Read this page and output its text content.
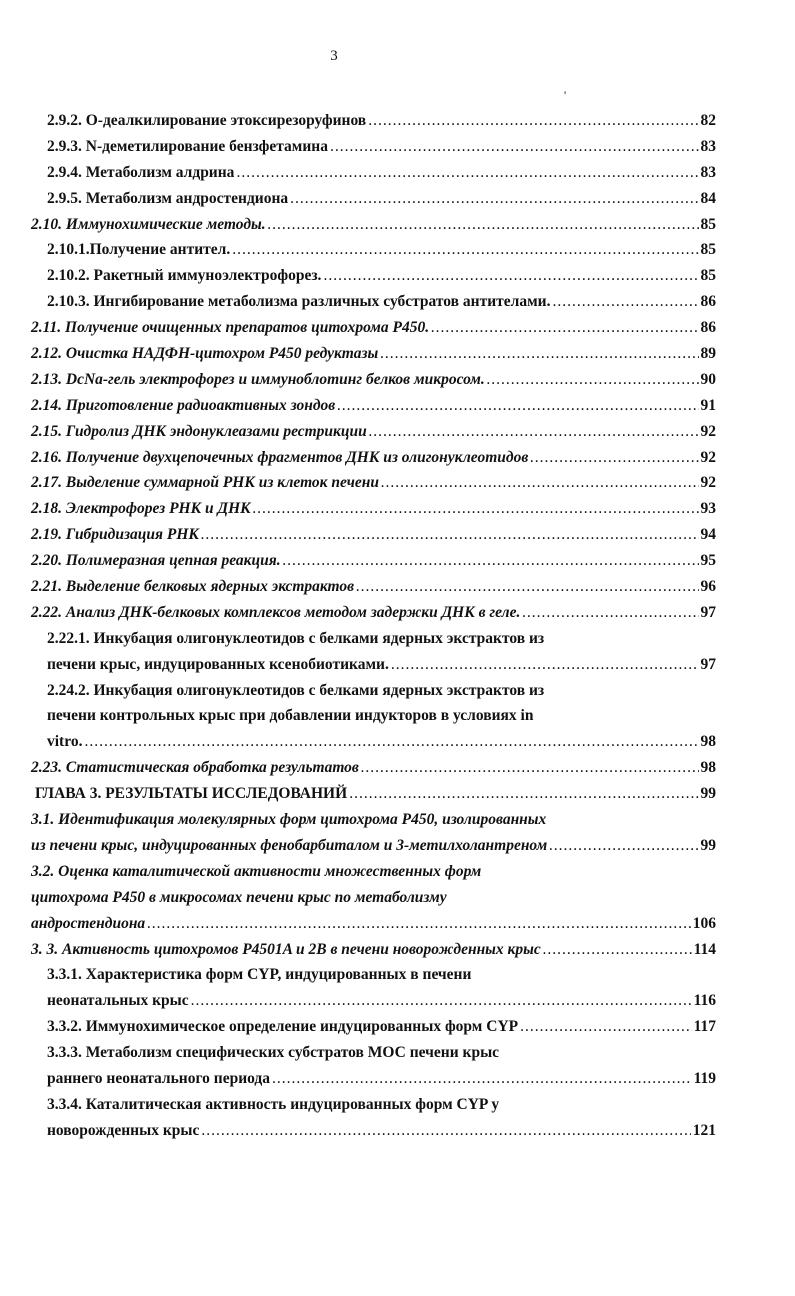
3
'
2.9.2. О-деалкилирование этоксирезоруфинов .....	82
2.9.3. N-деметилирование бензфетамина .....	83
2.9.4. Метаболизм алдрина .....	83
2.9.5. Метаболизм андростендиона .....	84
2.10. Иммунохимические методы. .....	85
2.10.1.Получение антител. .....	85
2.10.2. Ракетный иммуноэлектрофорез. .....	85
2.10.3. Ингибирование метаболизма различных субстратов антителами. .....	86
2.11. Получение очищенных препаратов цитохрома P450. .....	86
2.12. Очистка НАДФН-цитохром P450 редуктазы .....	89
2.13. DcNa-гель электрофорез и иммуноблотинг белков микросом. .....	90
2.14. Приготовление радиоактивных зондов .....	91
2.15. Гидролиз ДНК эндонуклеазами рестрикции .....	92
2.16. Получение двухцепочечных фрагментов ДНК из олигонуклеотидов .....	92
2.17. Выделение суммарной РНК из клеток печени .....	92
2.18. Электрофорез РНК и ДНК .....	93
2.19. Гибридизация РНК .....	94
2.20. Полимеразная цепная реакция. .....	95
2.21. Выделение белковых ядерных экстрактов .....	96
2.22. Анализ ДНК-белковых комплексов методом задержки ДНК в геле. .....	97
2.22.1. Инкубация олигонуклеотидов с белками ядерных экстрактов из
печени крыс, индуцированных ксенобиотиками. .....	97
2.24.2. Инкубация олигонуклеотидов с белками ядерных экстрактов из
печени контрольных крыс при добавлении индукторов в условиях in
vitro. .....	98
2.23. Статистическая обработка результатов .....	98
ГЛАВА 3. РЕЗУЛЬТАТЫ ИССЛЕДОВАНИЙ .....	99
3.1. Идентификация молекулярных форм цитохрома P450, изолированных
из печени крыс, индуцированных фенобарбиталом и 3-метилхолантреном .....	99
3.2. Оценка каталитической активности множественных форм
цитохрома P450 в микросомах печени крыс по метаболизму
андростендиона .....	106
3. 3. Активность цитохромов P4501A и 2B в печени новорожденных крыс .....	114
3.3.1. Характеристика форм CYP, индуцированных в печени
неонатальных крыс .....	116
3.3.2. Иммунохимическое определение индуцированных форм CYP .....	117
3.3.3. Метаболизм специфических субстратов МОС печени крыс
раннего неонатального периода .....	119
3.3.4. Каталитическая активность индуцированных форм CYP у
новорожденных крыс .....	121
